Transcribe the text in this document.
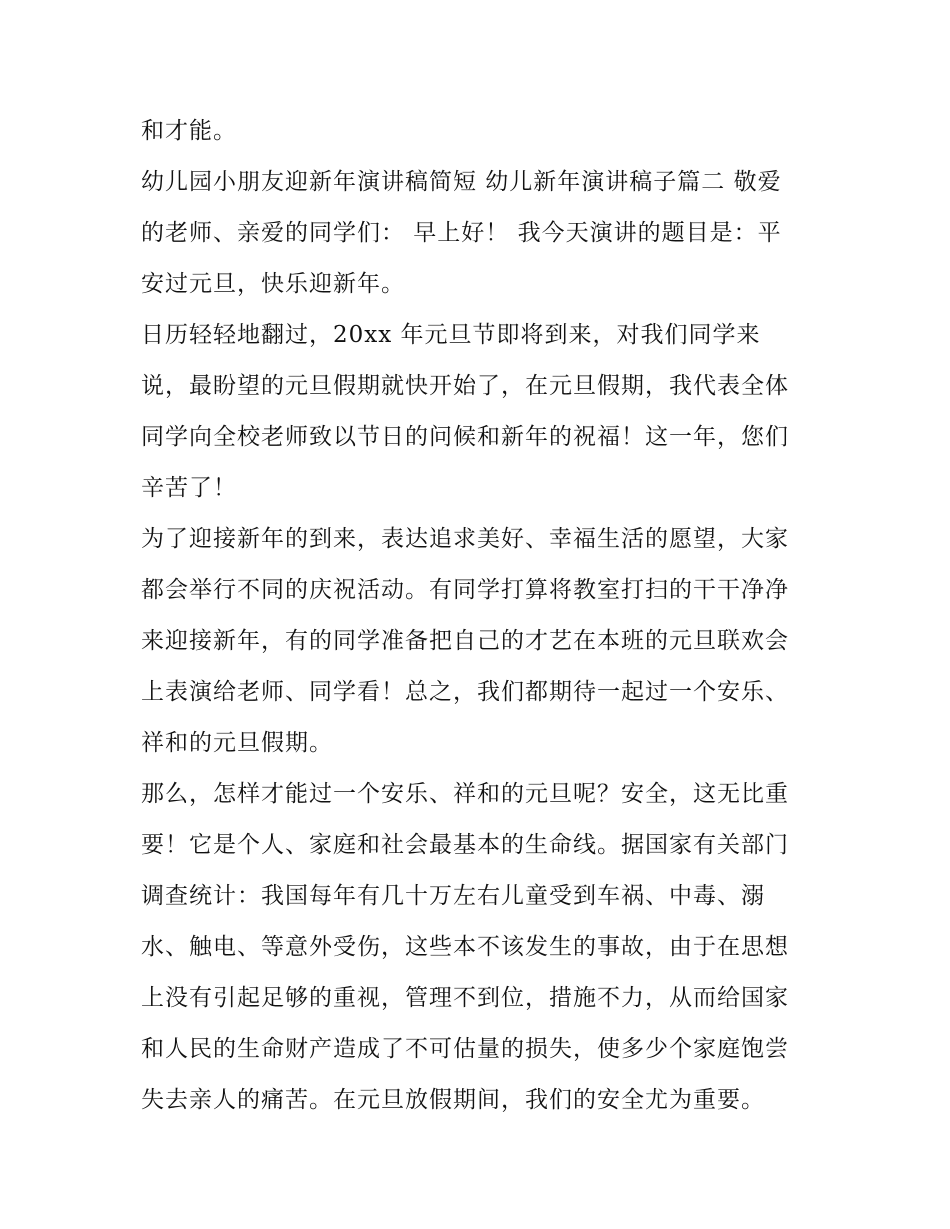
和才能。
幼儿园小朋友迎新年演讲稿简短 幼儿新年演讲稿子篇二 敬爱
的老师、亲爱的同学们： 早上好！ 我今天演讲的题目是：平
安过元旦，快乐迎新年。
日历轻轻地翻过，20xx 年元旦节即将到来，对我们同学来
说，最盼望的元旦假期就快开始了，在元旦假期，我代表全体
同学向全校老师致以节日的问候和新年的祝福！这一年，您们
辛苦了！
为了迎接新年的到来，表达追求美好、幸福生活的愿望，大家
都会举行不同的庆祝活动。有同学打算将教室打扫的干干净净
来迎接新年，有的同学准备把自己的才艺在本班的元旦联欢会
上表演给老师、同学看！总之，我们都期待一起过一个安乐、
祥和的元旦假期。
那么，怎样才能过一个安乐、祥和的元旦呢？安全，这无比重
要！它是个人、家庭和社会最基本的生命线。据国家有关部门
调查统计：我国每年有几十万左右儿童受到车祸、中毒、溺
水、触电、等意外受伤，这些本不该发生的事故，由于在思想
上没有引起足够的重视，管理不到位，措施不力，从而给国家
和人民的生命财产造成了不可估量的损失，使多少个家庭饱尝
失去亲人的痛苦。在元旦放假期间，我们的安全尤为重要。
